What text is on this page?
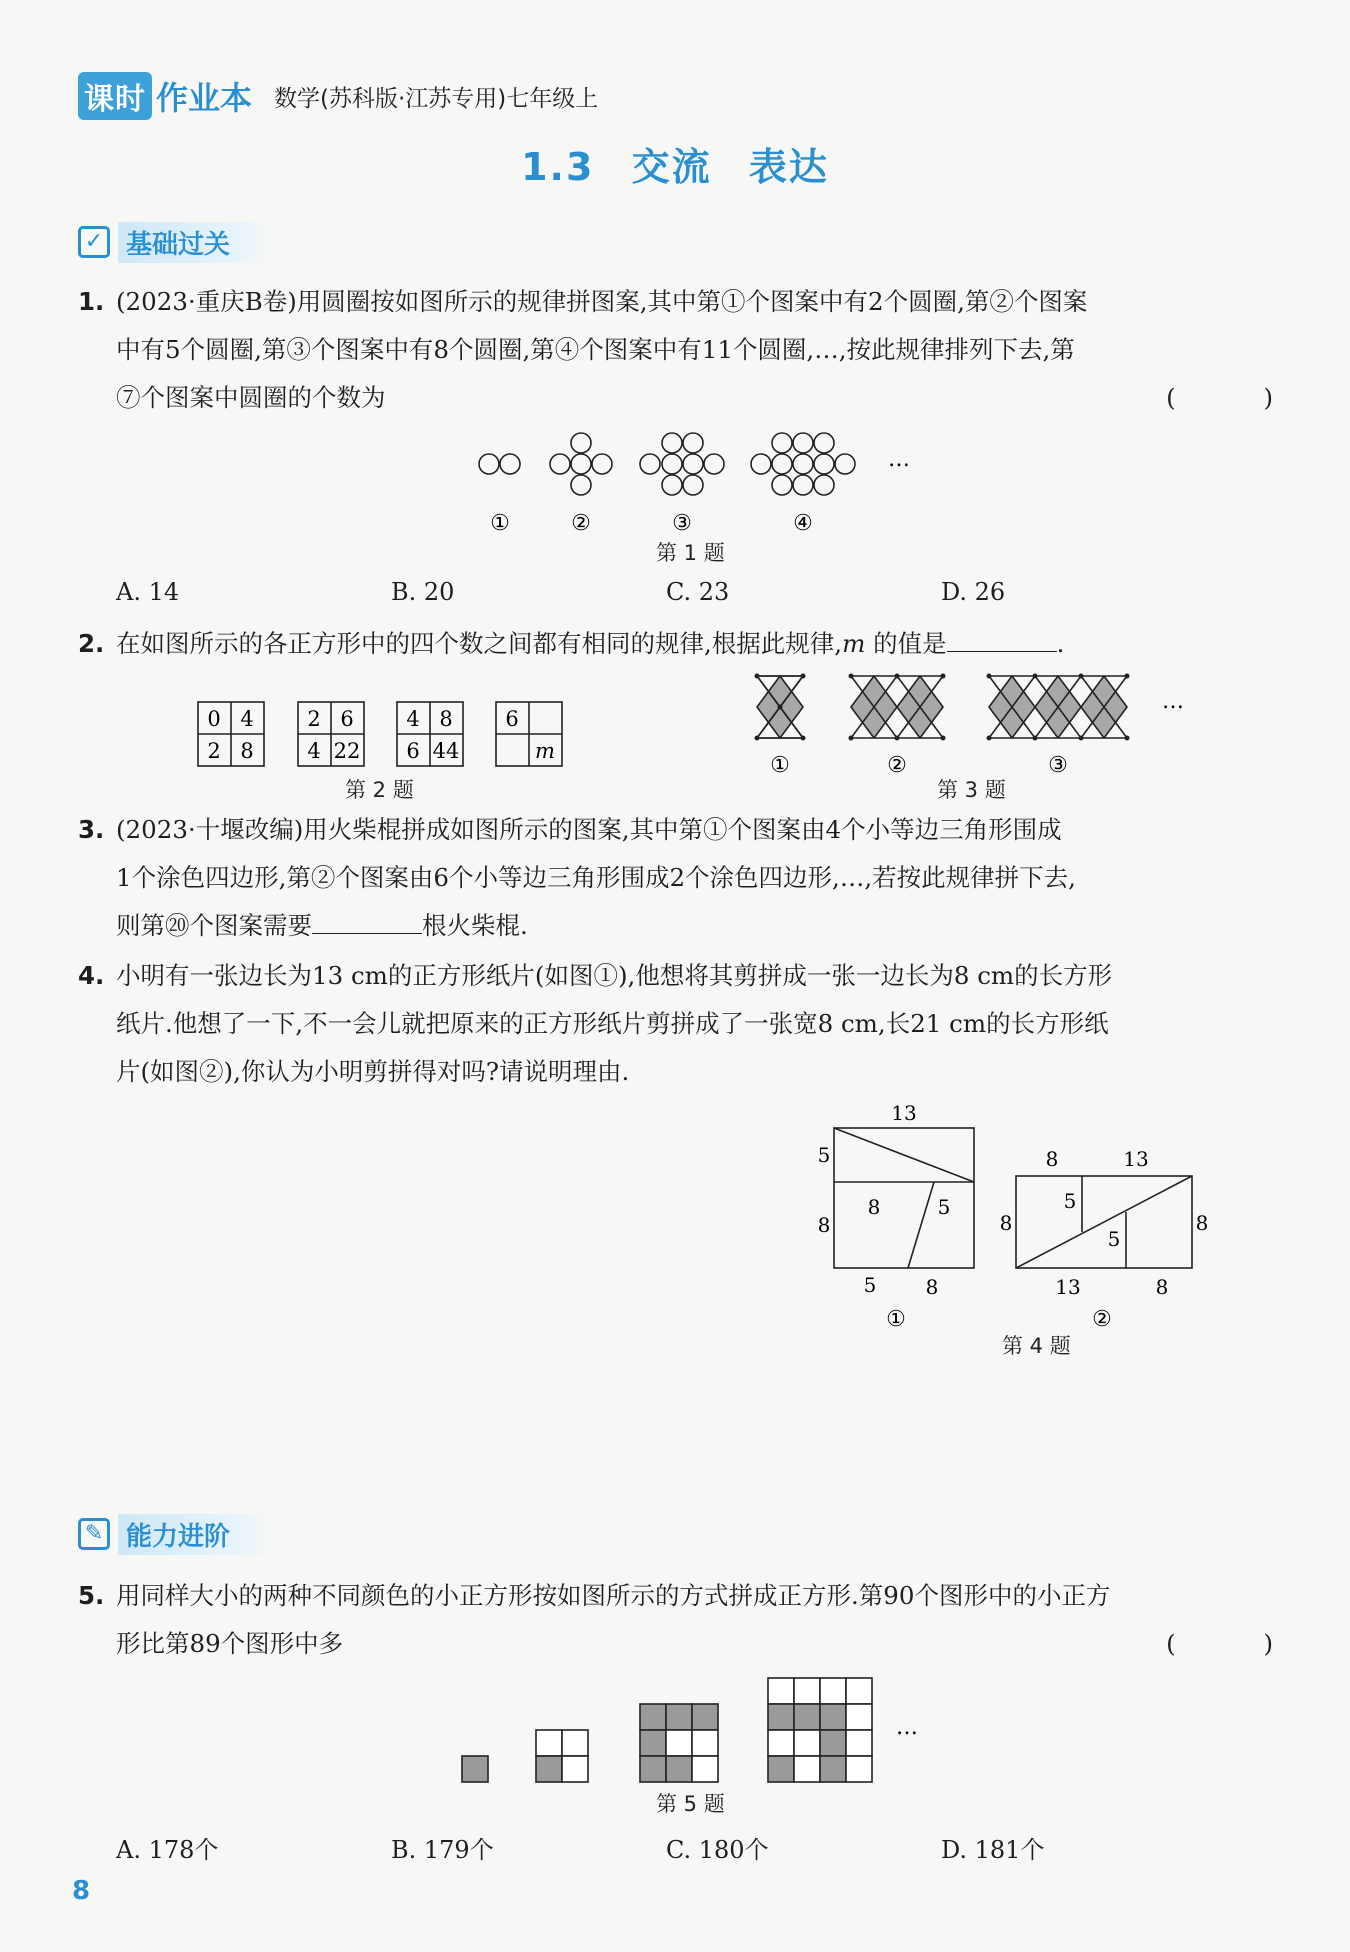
课时 作业本 数学(苏科版·江苏专用)七年级上
1.3 交流 表达
✓ 基础过关
1. (2023·重庆B卷)用圆圈按如图所示的规律拼图案,其中第①个图案中有2个圆圈,第②个图案
中有5个圆圈,第③个图案中有8个圆圈,第④个图案中有11个圆圈,…,按此规律排列下去,第
⑦个图案中圆圈的个数为	( )
…
①	②	③	④
第 1 题
A. 14	B. 20	C. 23	D. 26
2. 在如图所示的各正方形中的四个数之间都有相同的规律,根据此规律,m 的值是	.
0 4
2 8
2 6
4 22
4 8
6 44
6
m
第 2 题
…
①	②	③
第 3 题
3. (2023·十堰改编)用火柴棍拼成如图所示的图案,其中第①个图案由4个小等边三角形围成
1个涂色四边形,第②个图案由6个小等边三角形围成2个涂色四边形,…,若按此规律拼下去,
则第⑳个图案需要	根火柴棍.
4. 小明有一张边长为13 cm的正方形纸片(如图①),他想将其剪拼成一张一边长为8 cm的长方形
纸片.他想了一下,不一会儿就把原来的正方形纸片剪拼成了一张宽8 cm,长21 cm的长方形纸
片(如图②),你认为小明剪拼得对吗?请说明理由.
13
5
8
8	5
5 8
①
8	13
8	8
5
5
13	8
②
第 4 题
✎ 能力进阶
5. 用同样大小的两种不同颜色的小正方形按如图所示的方式拼成正方形.第90个图形中的小正方
形比第89个图形中多	( )
…
第 5 题
A. 178个	B. 179个	C. 180个	D. 181个
8
